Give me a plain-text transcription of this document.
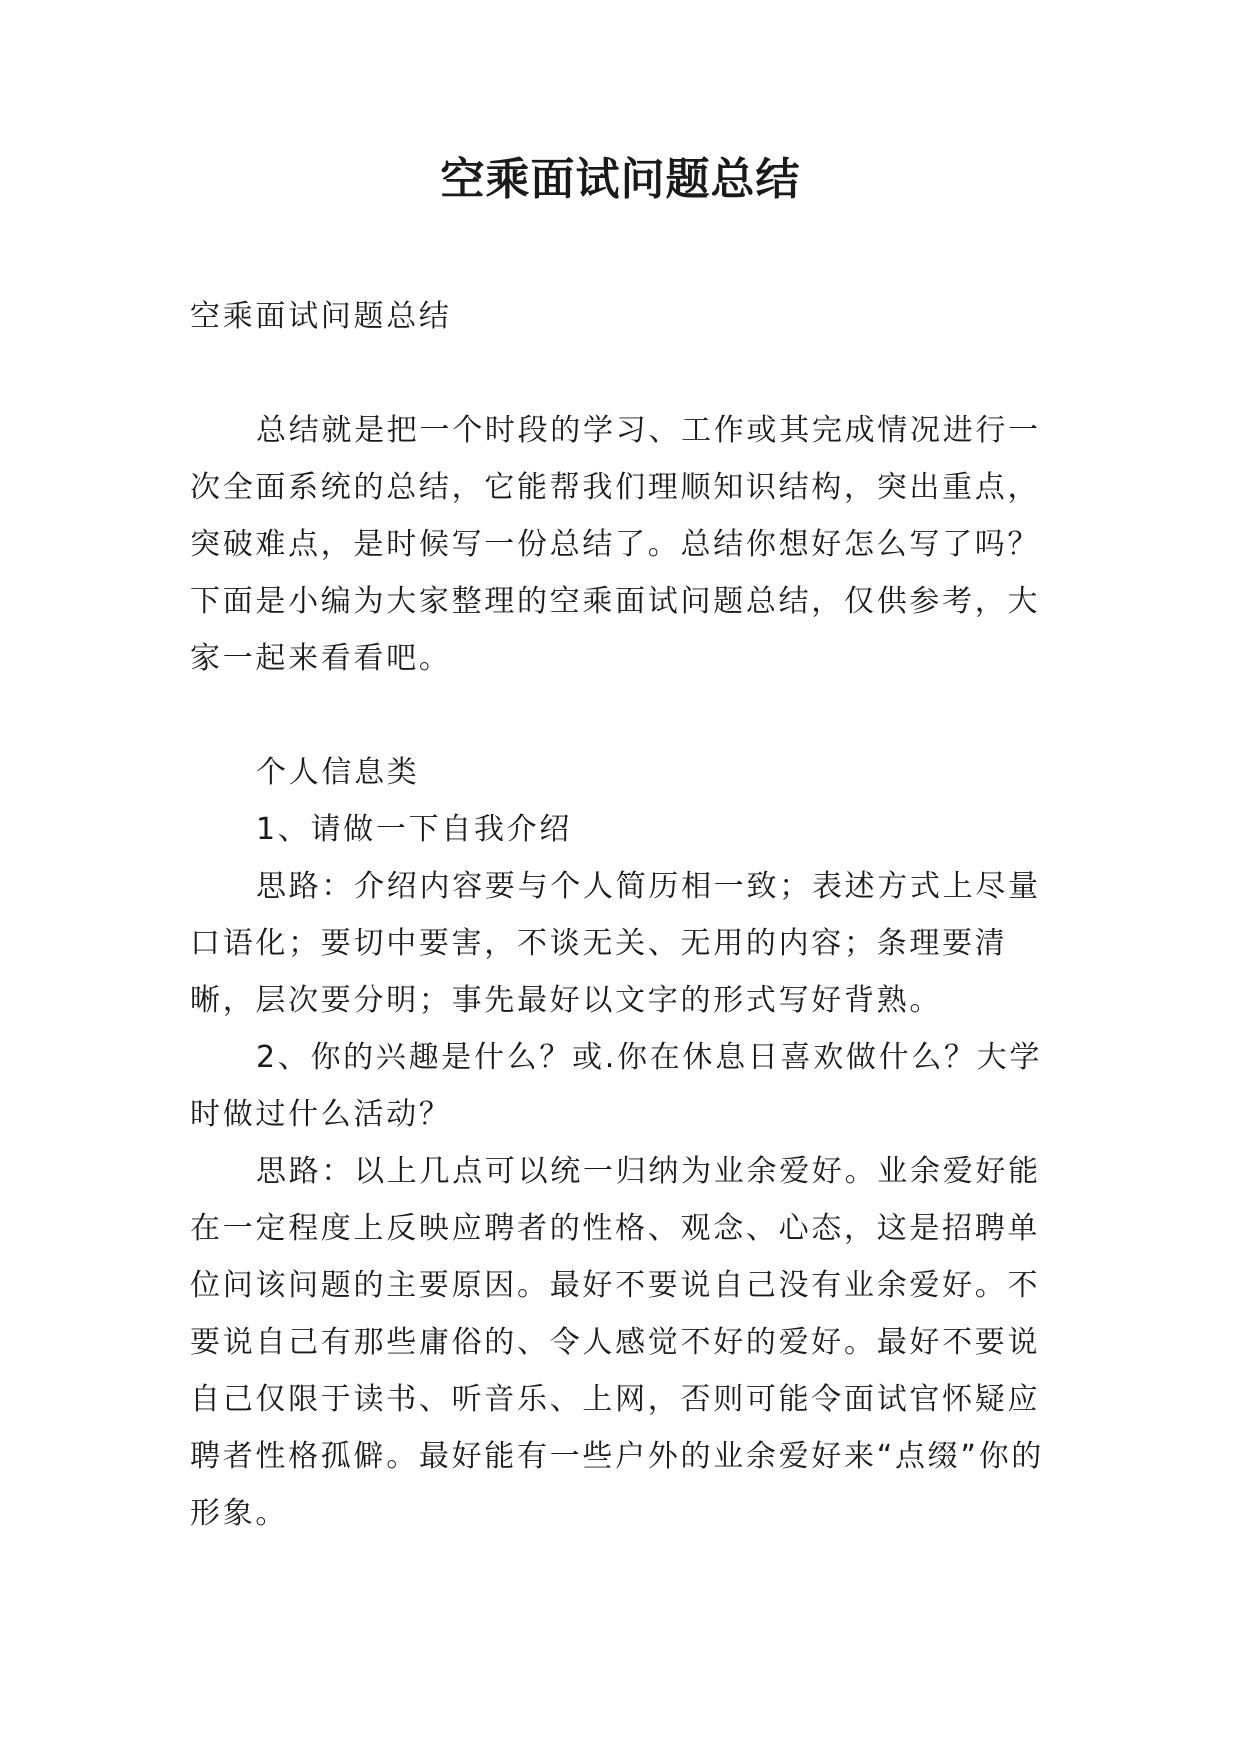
空乘面试问题总结

空乘面试问题总结

总结就是把一个时段的学习、工作或其完成情况进行一次全面系统的总结，它能帮我们理顺知识结构，突出重点，突破难点，是时候写一份总结了。总结你想好怎么写了吗？下面是小编为大家整理的空乘面试问题总结，仅供参考，大家一起来看看吧。

个人信息类

1、请做一下自我介绍

思路：介绍内容要与个人简历相一致；表述方式上尽量口语化；要切中要害，不谈无关、无用的内容；条理要清晰，层次要分明；事先最好以文字的形式写好背熟。

2、你的兴趣是什么？或.你在休息日喜欢做什么？大学时做过什么活动？

思路：以上几点可以统一归纳为业余爱好。业余爱好能在一定程度上反映应聘者的性格、观念、心态，这是招聘单位问该问题的主要原因。最好不要说自己没有业余爱好。不要说自己有那些庸俗的、令人感觉不好的爱好。最好不要说自己仅限于读书、听音乐、上网，否则可能令面试官怀疑应聘者性格孤僻。最好能有一些户外的业余爱好来“点缀”你的形象。
